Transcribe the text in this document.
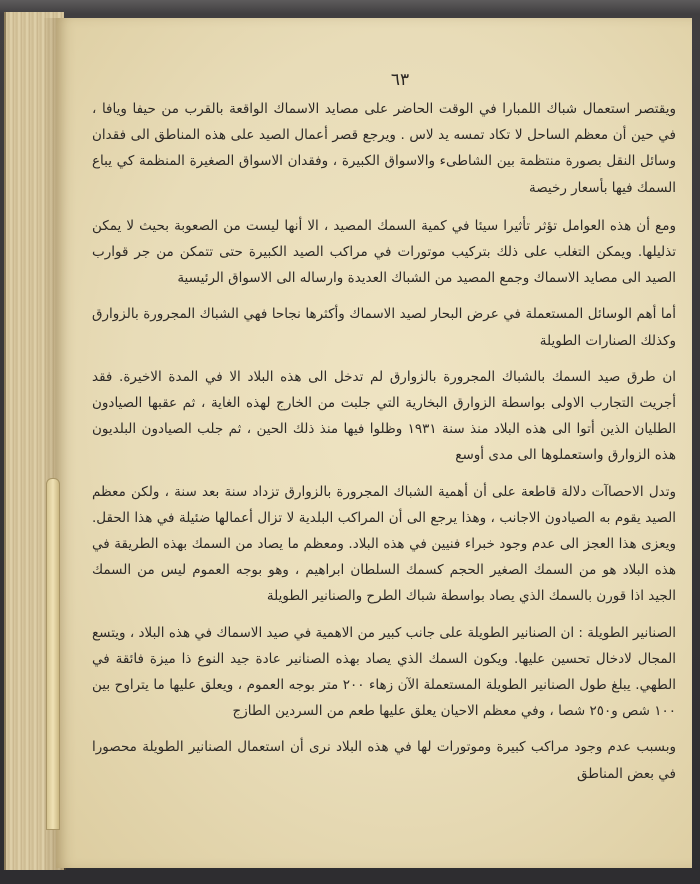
٦٣

ويقتصر استعمال شباك اللمبارا في الوقت الحاضر على مصايد الاسماك الواقعة بالقرب من حيفا ويافا ، في حين أن معظم الساحل لا تكاد تمسه يد لاس . ويرجع قصر أعمال الصيد على هذه المناطق الى فقدان وسائل النقل بصورة منتظمة بين الشاطىء والاسواق الكبيرة ، وفقدان الاسواق الصغيرة المنظمة كي يباع السمك فيها بأسعار رخيصة

ومع أن هذه العوامل تؤثر تأثيرا سيئا في كمية السمك المصيد ، الا أنها ليست من الصعوبة بحيث لا يمكن تذليلها. ويمكن التغلب على ذلك بتركيب موتورات في مراكب الصيد الكبيرة حتى تتمكن من جر قوارب الصيد الى مصايد الاسماك وجمع المصيد من الشباك العديدة وارساله الى الاسواق الرئيسية

أما أهم الوسائل المستعملة في عرض البحار لصيد الاسماك وأكثرها نجاحا فهي الشباك المجرورة بالزوارق وكذلك الصنارات الطويلة

ان طرق صيد السمك بالشباك المجرورة بالزوارق لم تدخل الى هذه البلاد الا في المدة الاخيرة. فقد أجريت التجارب الاولى بواسطة الزوارق البخارية التي جلبت من الخارج لهذه الغاية ، ثم عقبها الصيادون الطليان الذين أتوا الى هذه البلاد منذ سنة ١٩٣١ وظلوا فيها منذ ذلك الحين ، ثم جلب الصيادون البلديون هذه الزوارق واستعملوها الى مدى أوسع

وتدل الاحصاآت دلالة قاطعة على أن أهمية الشباك المجرورة بالزوارق تزداد سنة بعد سنة ، ولكن معظم الصيد يقوم به الصيادون الاجانب ، وهذا يرجع الى أن المراكب البلدية لا تزال أعمالها ضئيلة في هذا الحقل. ويعزى هذا العجز الى عدم وجود خبراء فنيين في هذه البلاد. ومعظم ما يصاد من السمك بهذه الطريقة في هذه البلاد هو من السمك الصغير الحجم كسمك السلطان ابراهيم ، وهو بوجه العموم ليس من السمك الجيد اذا قورن بالسمك الذي يصاد بواسطة شباك الطرح والصنانير الطويلة

الصنانير الطويلة : ان الصنانير الطويلة على جانب كبير من الاهمية في صيد الاسماك في هذه البلاد ، ويتسع المجال لادخال تحسين عليها. ويكون السمك الذي يصاد بهذه الصنانير عادة جيد النوع ذا ميزة فائقة في الطهي. يبلغ طول الصنانير الطويلة المستعملة الآن زهاء ٢٠٠ متر بوجه العموم ، ويعلق عليها ما يتراوح بين ١٠٠ شص و٢٥٠ شصا ، وفي معظم الاحيان يعلق عليها طعم من السردين الطازج

وبسبب عدم وجود مراكب كبيرة وموتورات لها في هذه البلاد نرى أن استعمال الصنانير الطويلة محصورا في بعض المناطق
